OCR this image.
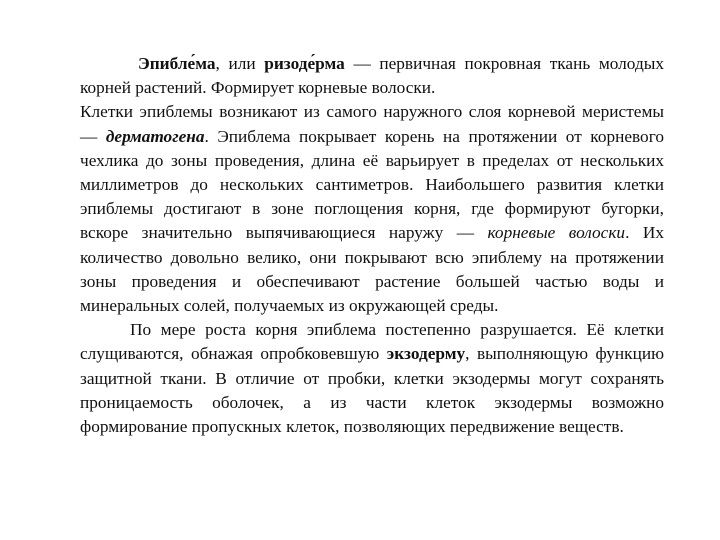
Эпибле́ма, или ризоде́рма — первичная покровная ткань молодых корней растений. Формирует корневые волоски.

Клетки эпиблемы возникают из самого наружного слоя корневой меристемы — дерматогена. Эпиблема покрывает корень на протяжении от корневого чехлика до зоны проведения, длина её варьирует в пределах от нескольких миллиметров до нескольких сантиметров. Наибольшего развития клетки эпиблемы достигают в зоне поглощения корня, где формируют бугорки, вскоре значительно выпячивающиеся наружу — корневые волоски. Их количество довольно велико, они покрывают всю эпиблему на протяжении зоны проведения и обеспечивают растение большей частью воды и минеральных солей, получаемых из окружающей среды.

По мере роста корня эпиблема постепенно разрушается. Её клетки слущиваются, обнажая опробковевшую экзодерму, выполняющую функцию защитной ткани. В отличие от пробки, клетки экзодермы могут сохранять проницаемость оболочек, а из части клеток экзодермы возможно формирование пропускных клеток, позволяющих передвижение веществ.
